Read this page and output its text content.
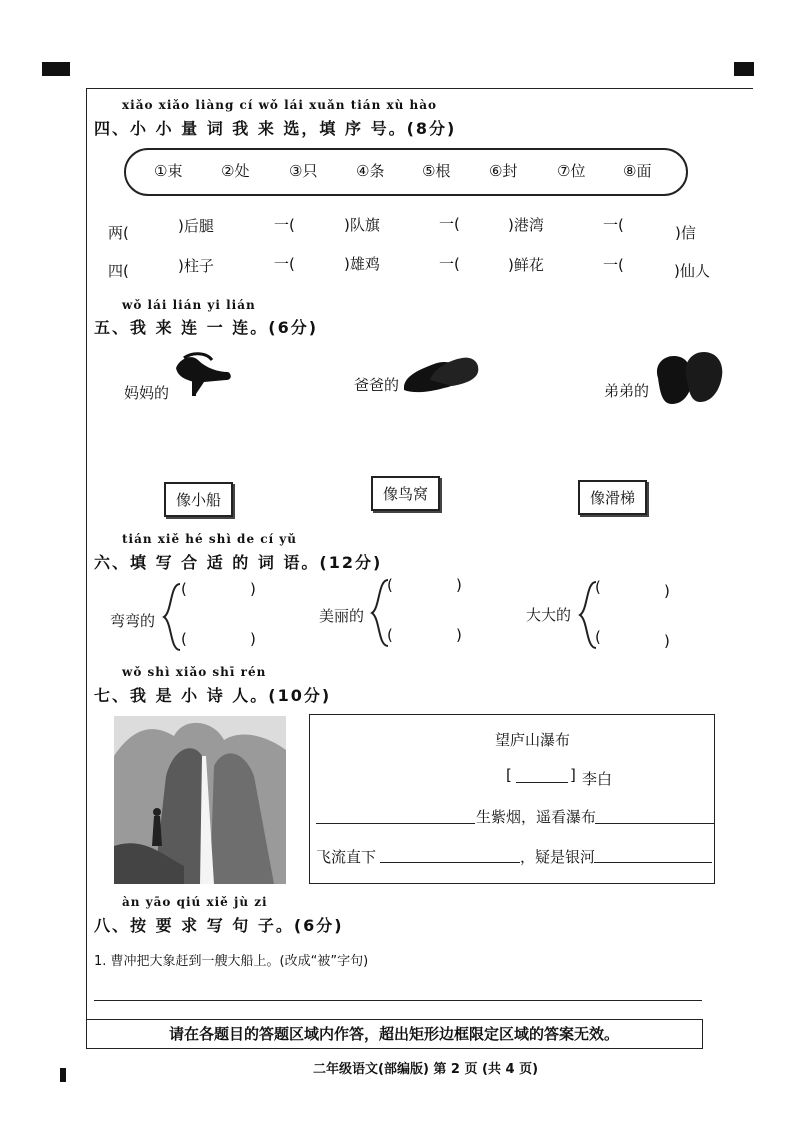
xiǎo xiǎo liàng cí wǒ lái xuǎn tián xù hào
四、小 小 量 词 我 来 选，填 序 号。(8分)
①束	②处	③只	④条	⑤根	⑥封	⑦位	⑧面
两(	)后腿	一(	)队旗	一(	)港湾	一(	)信
四(	)柱子	一(	)雄鸡	一(	)鲜花	一(	)仙人
wǒ lái lián yi lián
五、我 来 连 一 连。(6分)
妈妈的	爸爸的	弟弟的
像小船	像鸟窝	像滑梯
tián xiě hé shì de cí yǔ
六、填 写 合 适 的 词 语。(12分)
弯弯的
(	)
(	)
美丽的
(	)
(	)
大大的
(	)
(	)
wǒ shì xiǎo shī rén
七、我 是 小 诗 人。(10分)
望庐山瀑布
[	] 李白
生紫烟，遥看瀑布
飞流直下	，疑是银河
àn yāo qiú xiě jù zi
八、按 要 求 写 句 子。(6分)
1. 曹冲把大象赶到一艘大船上。(改成“被”字句)
请在各题目的答题区域内作答，超出矩形边框限定区域的答案无效。
二年级语文(部编版) 第 2 页 (共 4 页)
